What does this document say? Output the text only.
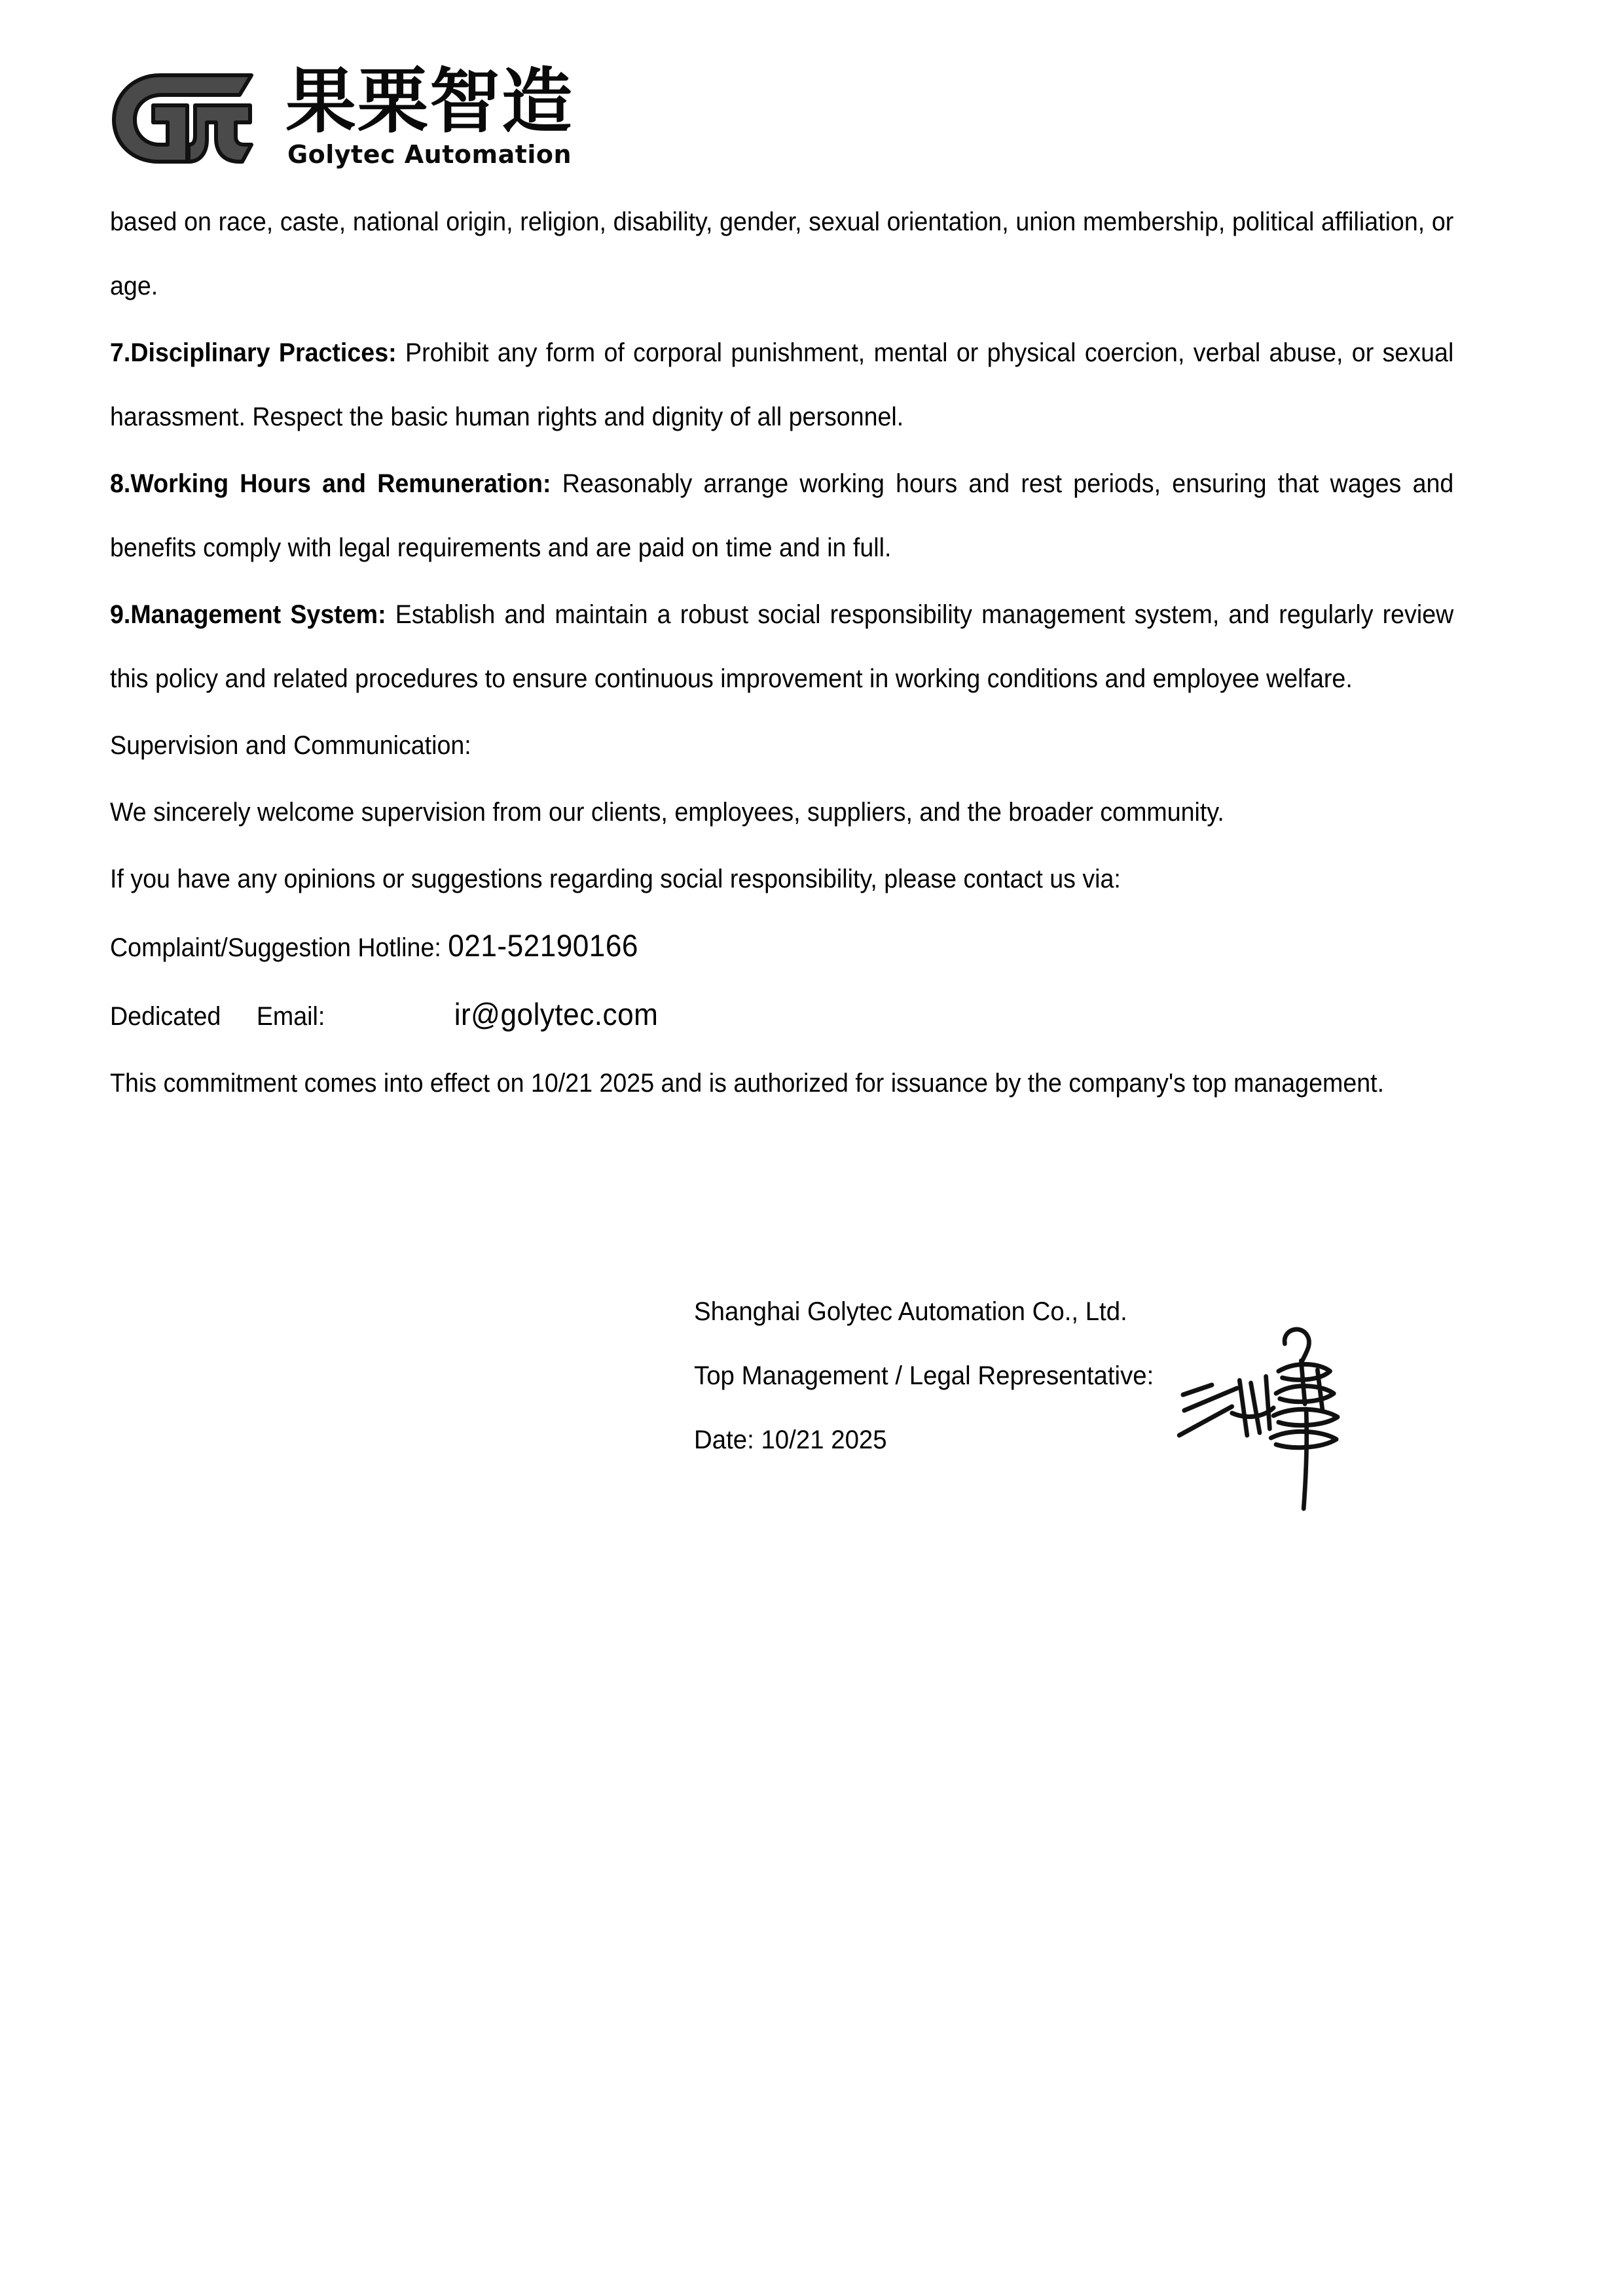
果栗智造
Golytec Automation

based on race, caste, national origin, religion, disability, gender, sexual orientation, union membership, political affiliation, or age.

7.Disciplinary Practices: Prohibit any form of corporal punishment, mental or physical coercion, verbal abuse, or sexual harassment. Respect the basic human rights and dignity of all personnel.

8.Working Hours and Remuneration: Reasonably arrange working hours and rest periods, ensuring that wages and benefits comply with legal requirements and are paid on time and in full.

9.Management System: Establish and maintain a robust social responsibility management system, and regularly review this policy and related procedures to ensure continuous improvement in working conditions and employee welfare.

Supervision and Communication:

We sincerely welcome supervision from our clients, employees, suppliers, and the broader community.

If you have any opinions or suggestions regarding social responsibility, please contact us via:

Complaint/Suggestion Hotline: 021-52190166

Dedicated Email:	ir@golytec.com

This commitment comes into effect on 10/21 2025 and is authorized for issuance by the company's top management.

Shanghai Golytec Automation Co., Ltd.
Top Management / Legal Representative:
Date: 10/21 2025
